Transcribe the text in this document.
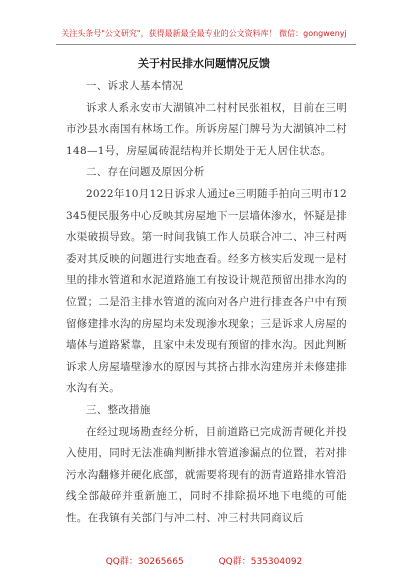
关注头条号"公文研究"，获得最新最全最专业的公文资料库！ 微信：gongwenyj
关于村民排水问题情况反馈

一、诉求人基本情况

诉求人系永安市大湖镇冲二村村民张祖权，目前在三明市沙县水南国有林场工作。所诉房屋门牌号为大湖镇冲二村148—1号，房屋属砖混结构并长期处于无人居住状态。

二、存在问题及原因分析

2022年10月12日诉求人通过e三明随手拍向三明市12345便民服务中心反映其房屋地下一层墙体渗水，怀疑是排水渠破损导致。第一时间我镇工作人员联合冲二、冲三村两委对其反映的问题进行实地查看。经多方核实后发现一是村里的排水管道和水泥道路施工有按设计规范预留出排水沟的位置；二是沿主排水管道的流向对各户进行排查各户中有预留修建排水沟的房屋均未发现渗水现象；三是诉求人房屋的墙体与道路紧靠，且家中未发现有预留的排水沟。因此判断诉求人房屋墙壁渗水的原因与其挤占排水沟建房并未修建排水沟有关。

三、整改措施

在经过现场勘查经分析，目前道路已完成沥青硬化并投入使用，同时无法准确判断排水管道渗漏点的位置，若对排污水沟翻修并硬化底部，就需要将现有的沥青道路排水管沿线全部敲碎并重新施工，同时不排除损坏地下电缆的可能性。在我镇有关部门与冲二村、冲三村共同商议后

QQ群：30265665	QQ群：535304092
